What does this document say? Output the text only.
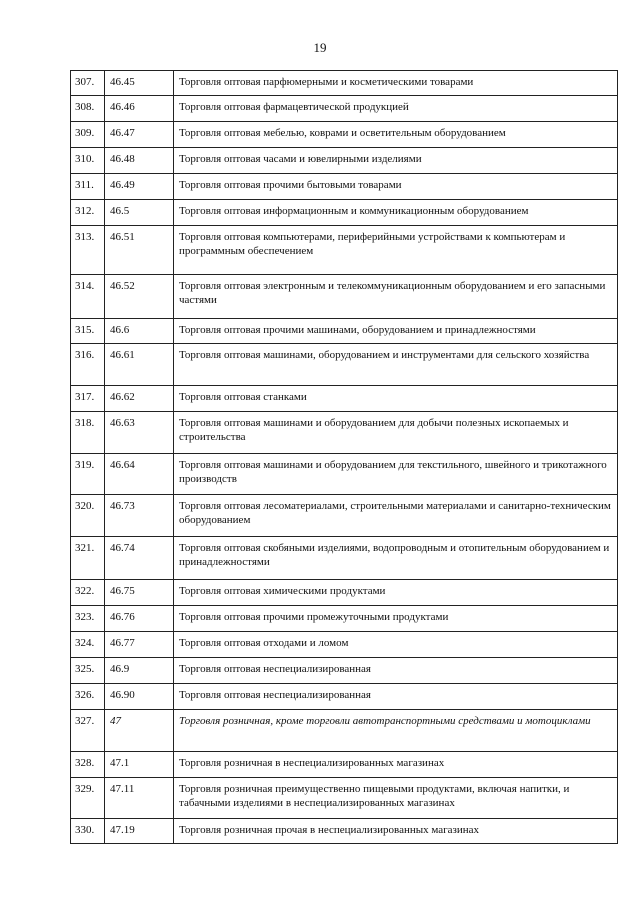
19
307.	46.45	Торговля оптовая парфюмерными и косметическими товарами
308.	46.46	Торговля оптовая фармацевтической продукцией
309.	46.47	Торговля оптовая мебелью, коврами и осветительным оборудованием
310.	46.48	Торговля оптовая часами и ювелирными изделиями
311.	46.49	Торговля оптовая прочими бытовыми товарами
312.	46.5	Торговля оптовая информационным и коммуникационным оборудованием
313.	46.51	Торговля оптовая компьютерами, периферийными устройствами к компьютерам и программным обеспечением
314.	46.52	Торговля оптовая электронным и телекоммуникационным оборудованием и его запасными частями
315.	46.6	Торговля оптовая прочими машинами, оборудованием и принадлежностями
316.	46.61	Торговля оптовая машинами, оборудованием и инструментами для сельского хозяйства
317.	46.62	Торговля оптовая станками
318.	46.63	Торговля оптовая машинами и оборудованием для добычи полезных ископаемых и строительства
319.	46.64	Торговля оптовая машинами и оборудованием для текстильного, швейного и трикотажного производств
320.	46.73	Торговля оптовая лесоматериалами, строительными материалами и санитарно-техническим оборудованием
321.	46.74	Торговля оптовая скобяными изделиями, водопроводным и отопительным оборудованием и принадлежностями
322.	46.75	Торговля оптовая химическими продуктами
323.	46.76	Торговля оптовая прочими промежуточными продуктами
324.	46.77	Торговля оптовая отходами и ломом
325.	46.9	Торговля оптовая неспециализированная
326.	46.90	Торговля оптовая неспециализированная
327.	47	Торговля розничная, кроме торговли автотранспортными средствами и мотоциклами
328.	47.1	Торговля розничная в неспециализированных магазинах
329.	47.11	Торговля розничная преимущественно пищевыми продуктами, включая напитки, и табачными изделиями в неспециализированных магазинах
330.	47.19	Торговля розничная прочая в неспециализированных магазинах
